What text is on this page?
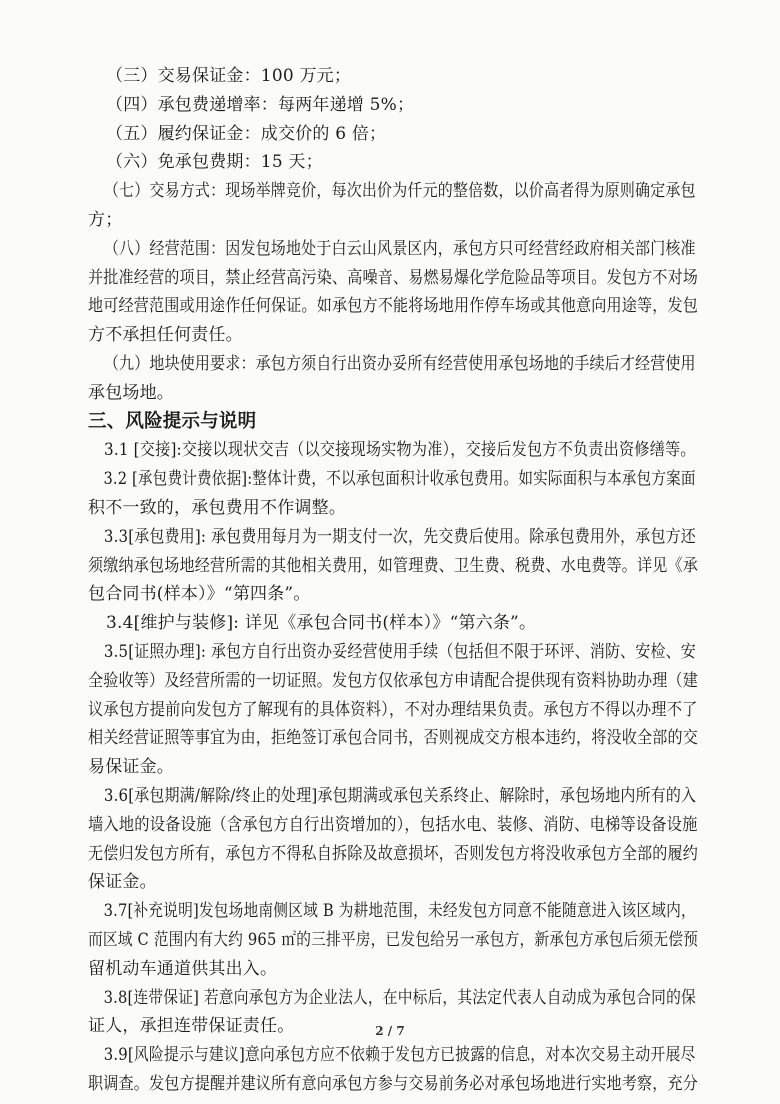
（三）交易保证金：100 万元；
（四）承包费递增率：每两年递增 5%；
（五）履约保证金：成交价的 6 倍；
（六）免承包费期：15 天；
（七）交易方式：现场举牌竞价，每次出价为仟元的整倍数，以价高者得为原则确定承包
方；
（八）经营范围：因发包场地处于白云山风景区内，承包方只可经营经政府相关部门核准
并批准经营的项目，禁止经营高污染、高噪音、易燃易爆化学危险品等项目。发包方不对场
地可经营范围或用途作任何保证。如承包方不能将场地用作停车场或其他意向用途等，发包
方不承担任何责任。
（九）地块使用要求：承包方须自行出资办妥所有经营使用承包场地的手续后才经营使用
承包场地。
三、风险提示与说明
3.1 [交接]:交接以现状交吉（以交接现场实物为准），交接后发包方不负责出资修缮等。
3.2 [承包费计费依据]:整体计费，不以承包面积计收承包费用。如实际面积与本承包方案面
积不一致的，承包费用不作调整。
3.3[承包费用]: 承包费用每月为一期支付一次，先交费后使用。除承包费用外，承包方还
须缴纳承包场地经营所需的其他相关费用，如管理费、卫生费、税费、水电费等。详见《承
包合同书(样本）》“第四条”。
3.4[维护与装修]: 详见《承包合同书(样本）》“第六条”。
3.5[证照办理]: 承包方自行出资办妥经营使用手续（包括但不限于环评、消防、安检、安
全验收等）及经营所需的一切证照。发包方仅依承包方申请配合提供现有资料协助办理（建
议承包方提前向发包方了解现有的具体资料），不对办理结果负责。承包方不得以办理不了
相关经营证照等事宜为由，拒绝签订承包合同书，否则视成交方根本违约，将没收全部的交
易保证金。
3.6[承包期满/解除/终止的处理]承包期满或承包关系终止、解除时，承包场地内所有的入
墙入地的设备设施（含承包方自行出资增加的），包括水电、装修、消防、电梯等设备设施
无偿归发包方所有，承包方不得私自拆除及故意损坏，否则发包方将没收承包方全部的履约
保证金。
3.7[补充说明]发包场地南侧区域 B 为耕地范围，未经发包方同意不能随意进入该区域内，
而区域 C 范围内有大约 965 ㎡的三排平房，已发包给另一承包方，新承包方承包后须无偿预
留机动车通道供其出入。
3.8[连带保证] 若意向承包方为企业法人，在中标后，其法定代表人自动成为承包合同的保
证人，承担连带保证责任。
3.9[风险提示与建议]意向承包方应不依赖于发包方已披露的信息，对本次交易主动开展尽
职调查。发包方提醒并建议所有意向承包方参与交易前务必对承包场地进行实地考察，充分
2 / 7
